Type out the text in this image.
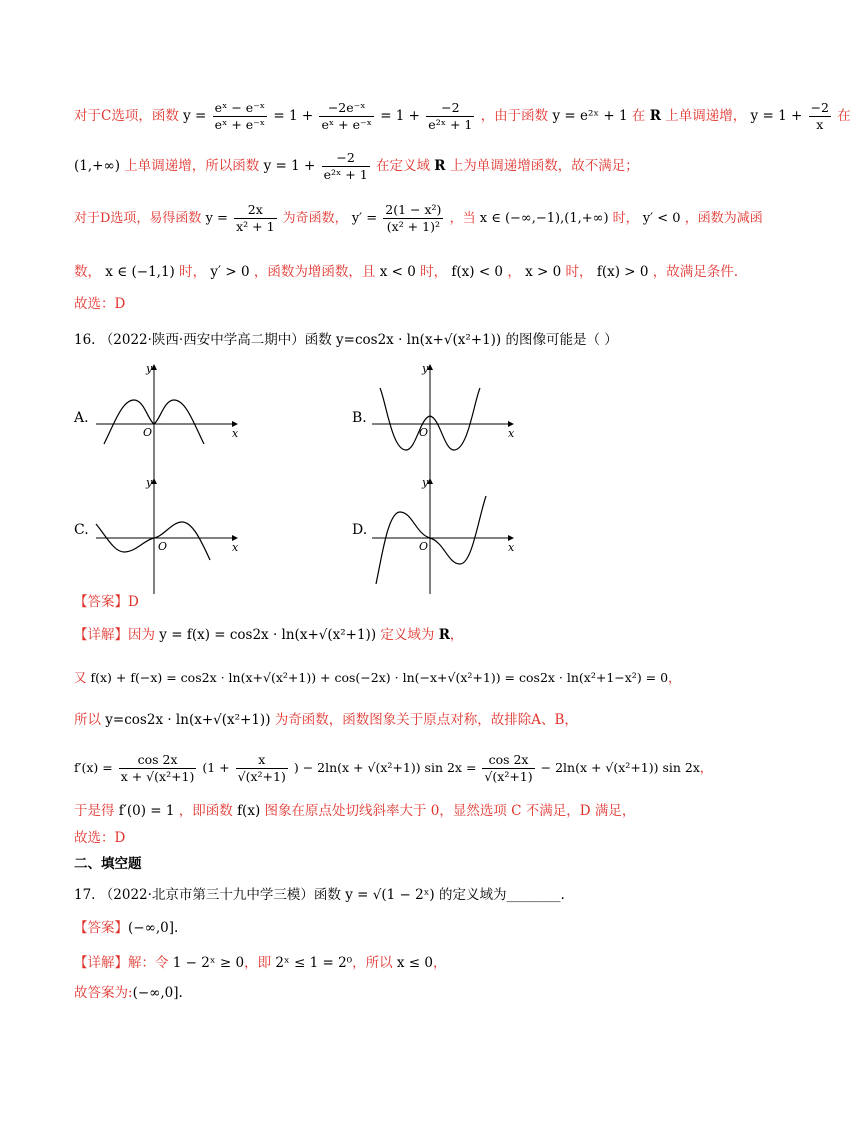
对于C选项，函数 $y = \frac{\text{eˣ − e⁻ˣ}}{\text{eˣ + e⁻ˣ}} = 1 + \frac{\text{−2e⁻ˣ}}{\text{eˣ + e⁻ˣ}} = 1 + \frac{-2}{\text{e²ˣ + 1}}$ ，由于函数 y = e²ˣ + 1 在 R 上单调递增， $y = 1 + \frac{-2}{x}$ 在
(1,+∞) 上单调递增，所以函数 $y = 1 + \frac{-2}{\text{e²ˣ + 1}}$ 在定义域 R 上为单调递增函数，故不满足；
对于D选项，易得函数 $y = \frac{2x}{\text{x² + 1}}$ 为奇函数， $y' = \frac{\text{2(1 − x²)}}{\text{(x² + 1)²}}$ ，当 x ∈ (−∞,−1),(1,+∞) 时， y′ < 0 ，函数为减函
数， x ∈ (−1,1) 时， y′ > 0 ，函数为增函数，且 x < 0 时， f(x) < 0 ， x > 0 时， f(x) > 0 ，故满足条件.
故选：D
16. （2022·陕西·西安中学高二期中）函数 y=cos2x · ln(x+√(x²+1)) 的图像可能是（ ）
A.
y
x
O
B.
y
x
O
C.
y
x
O
D.
y
x
O
【答案】D
【详解】因为 y = f(x) = cos2x · ln(x+√(x²+1)) 定义域为 R，
又 f(x) + f(−x) = cos2x · ln(x+√(x²+1)) + cos(−2x) · ln(−x+√(x²+1)) = cos2x · ln(x²+1−x²) = 0，
所以 y=cos2x · ln(x+√(x²+1)) 为奇函数，函数图象关于原点对称，故排除A、B，
$f'(x) = \frac{\cos 2x}{\text{x + √(x²+1)}} (1 + \frac{x}{\text{√(x²+1)}}$ ) − 2ln(x + √(x²+1)) $\sin 2x = \frac{\cos 2x}{\text{√(x²+1)}} - 2\ln(x + √(x^2+1))$ sin 2x，
于是得 f′(0) = 1 ，即函数 f(x) 图象在原点处切线斜率大于 0，显然选项 C 不满足，D 满足，
故选：D
二、填空题
17. （2022·北京市第三十九中学三模）函数 y = √(1 − 2ˣ) 的定义域为________.
【答案】(−∞,0].
【详解】解：令 1 − 2ˣ ≥ 0，即 2ˣ ≤ 1 = 2⁰，所以 x ≤ 0，
故答案为:(−∞,0].
